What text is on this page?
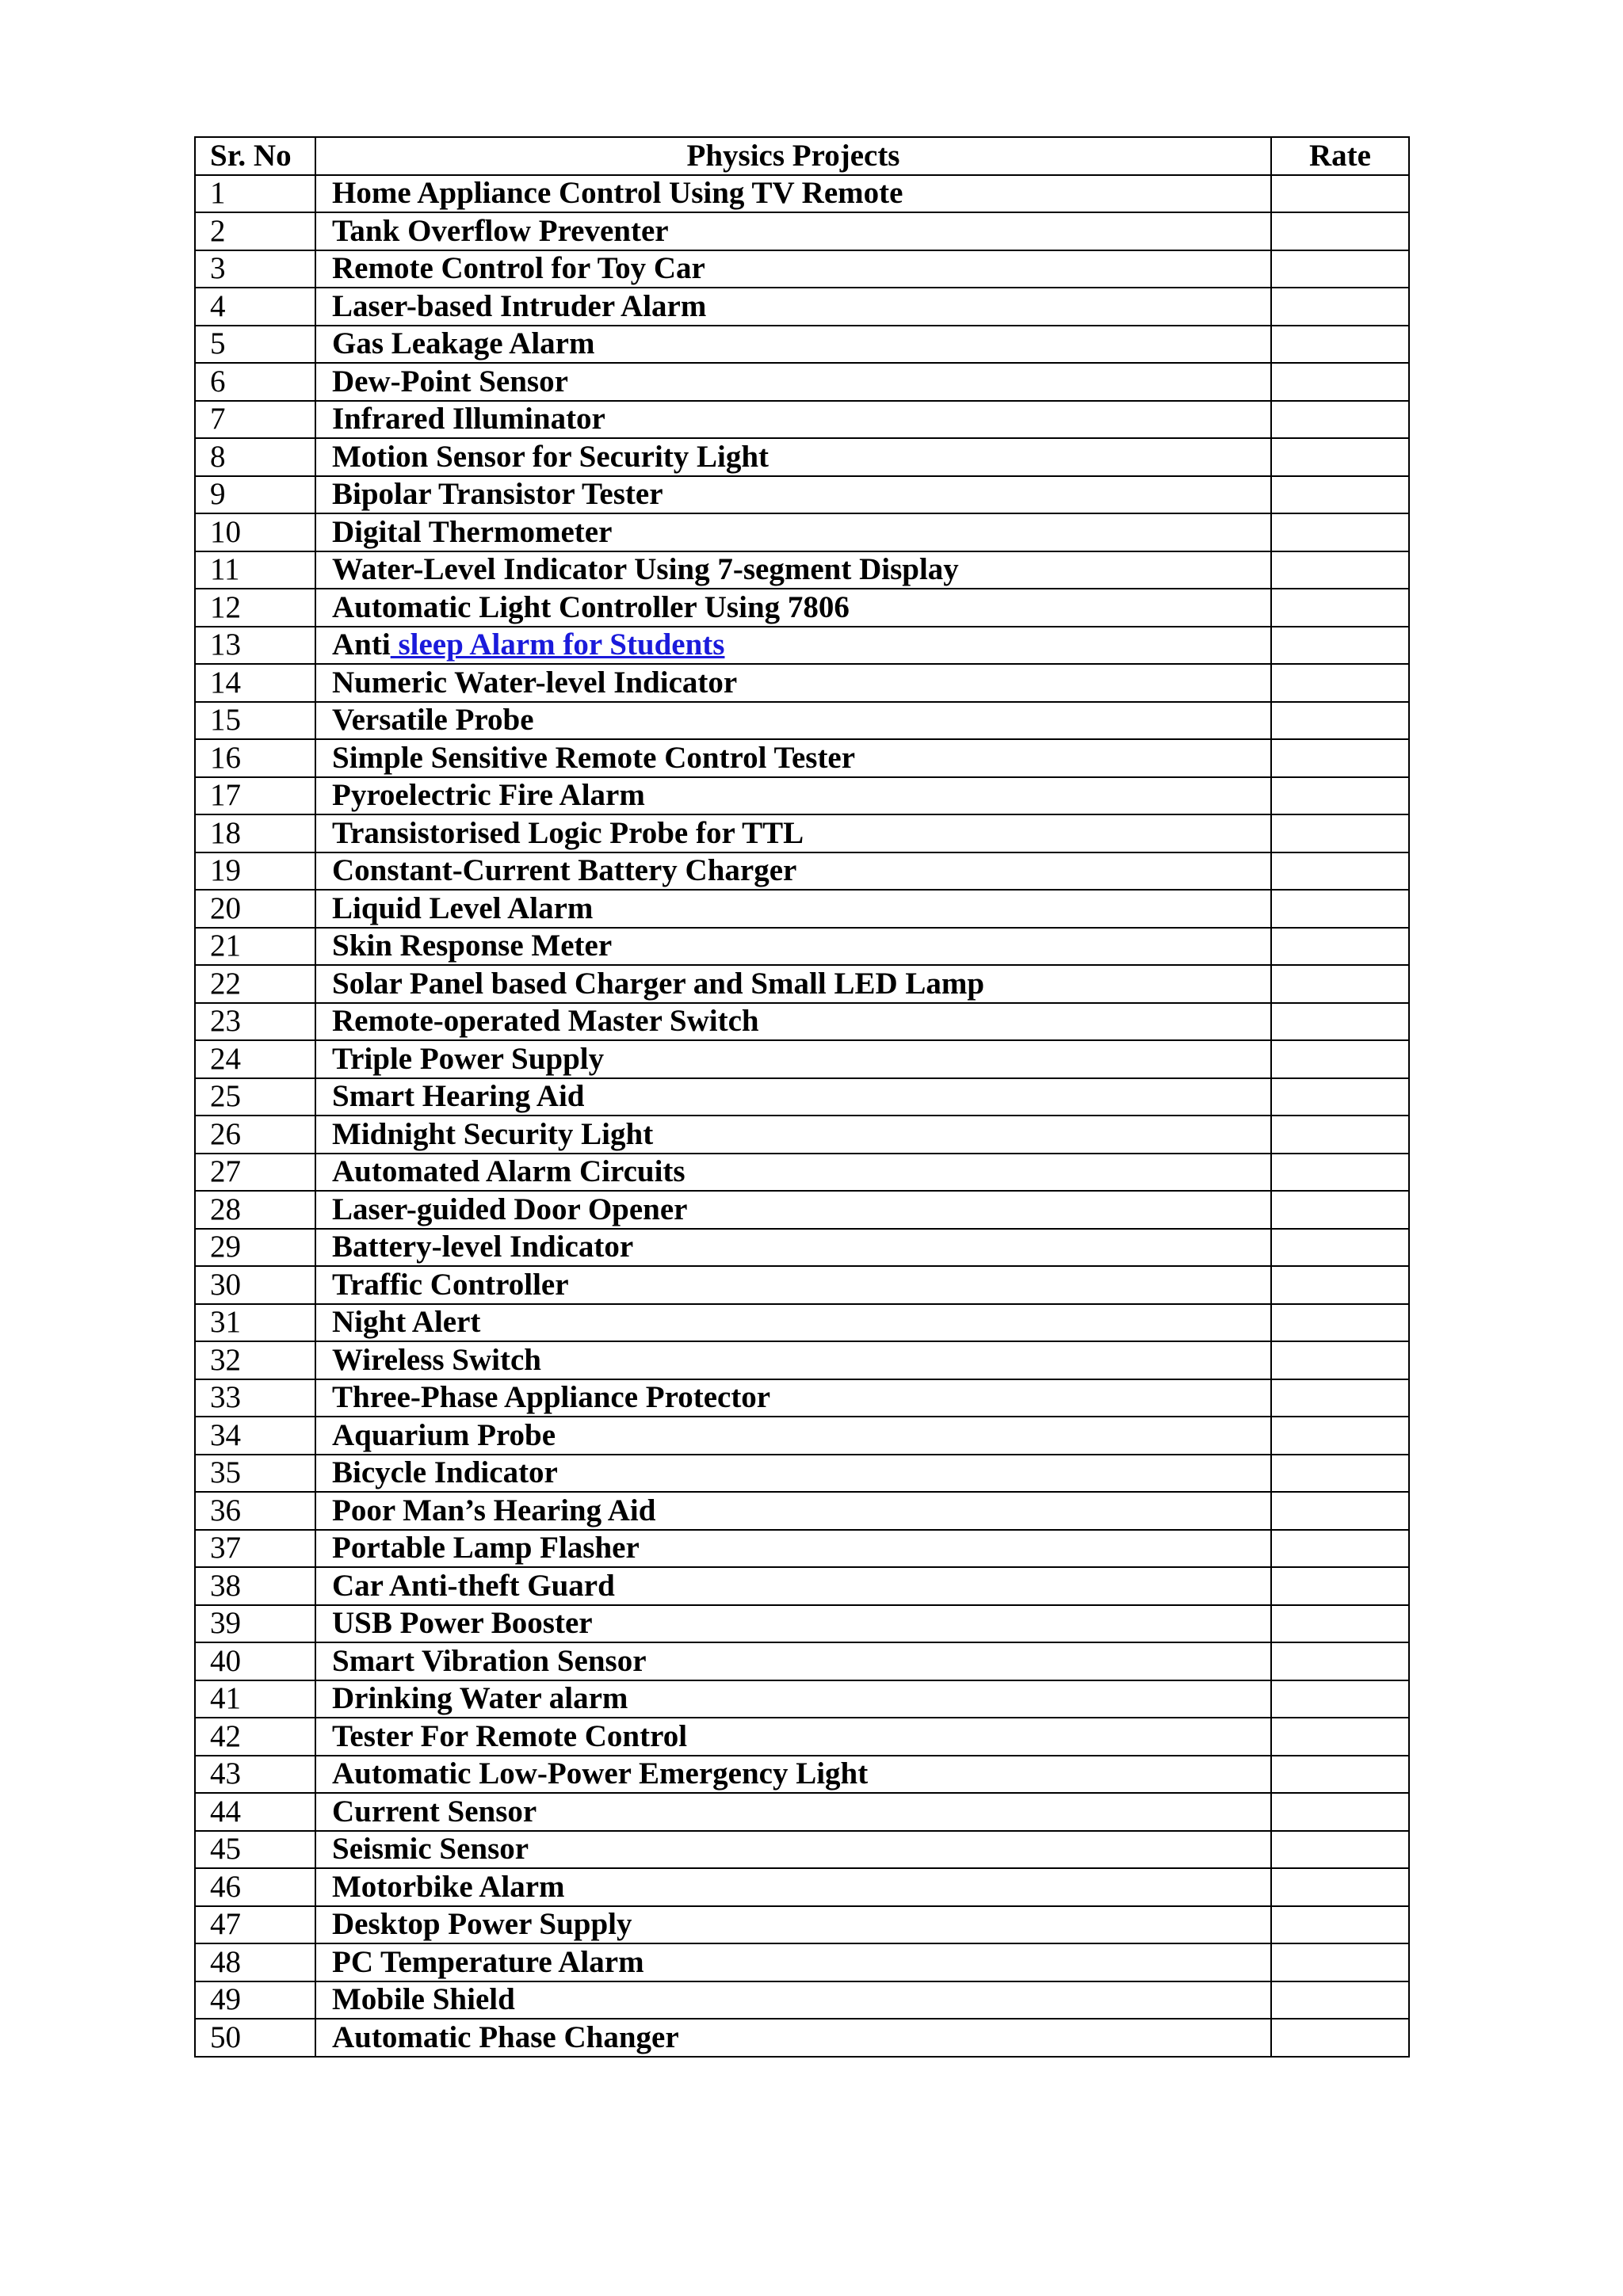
Sr. No	Physics Projects	Rate
1	Home Appliance Control Using TV Remote	
2	Tank Overflow Preventer	
3	Remote Control for Toy Car	
4	Laser-based Intruder Alarm	
5	Gas Leakage Alarm	
6	Dew-Point Sensor	
7	Infrared Illuminator	
8	Motion Sensor for Security Light	
9	Bipolar Transistor Tester	
10	Digital Thermometer	
11	Water-Level Indicator Using 7-segment Display	
12	Automatic Light Controller Using 7806	
13	Anti sleep Alarm for Students	
14	Numeric Water-level Indicator	
15	Versatile Probe	
16	Simple Sensitive Remote Control Tester	
17	Pyroelectric Fire Alarm	
18	Transistorised Logic Probe for TTL	
19	Constant-Current Battery Charger	
20	Liquid Level Alarm	
21	Skin Response Meter	
22	Solar Panel based Charger and Small LED Lamp	
23	Remote-operated Master Switch	
24	Triple Power Supply	
25	Smart Hearing Aid	
26	Midnight Security Light	
27	Automated Alarm Circuits	
28	Laser-guided Door Opener	
29	Battery-level Indicator	
30	Traffic Controller	
31	Night Alert	
32	Wireless Switch	
33	Three-Phase Appliance Protector	
34	Aquarium Probe	
35	Bicycle Indicator	
36	Poor Man’s Hearing Aid	
37	Portable Lamp Flasher	
38	Car Anti-theft Guard	
39	USB Power Booster	
40	Smart Vibration Sensor	
41	Drinking Water alarm	
42	Tester For Remote Control	
43	Automatic Low-Power Emergency Light	
44	Current Sensor	
45	Seismic Sensor	
46	Motorbike Alarm	
47	Desktop Power Supply	
48	PC Temperature Alarm	
49	Mobile Shield	
50	Automatic Phase Changer	
